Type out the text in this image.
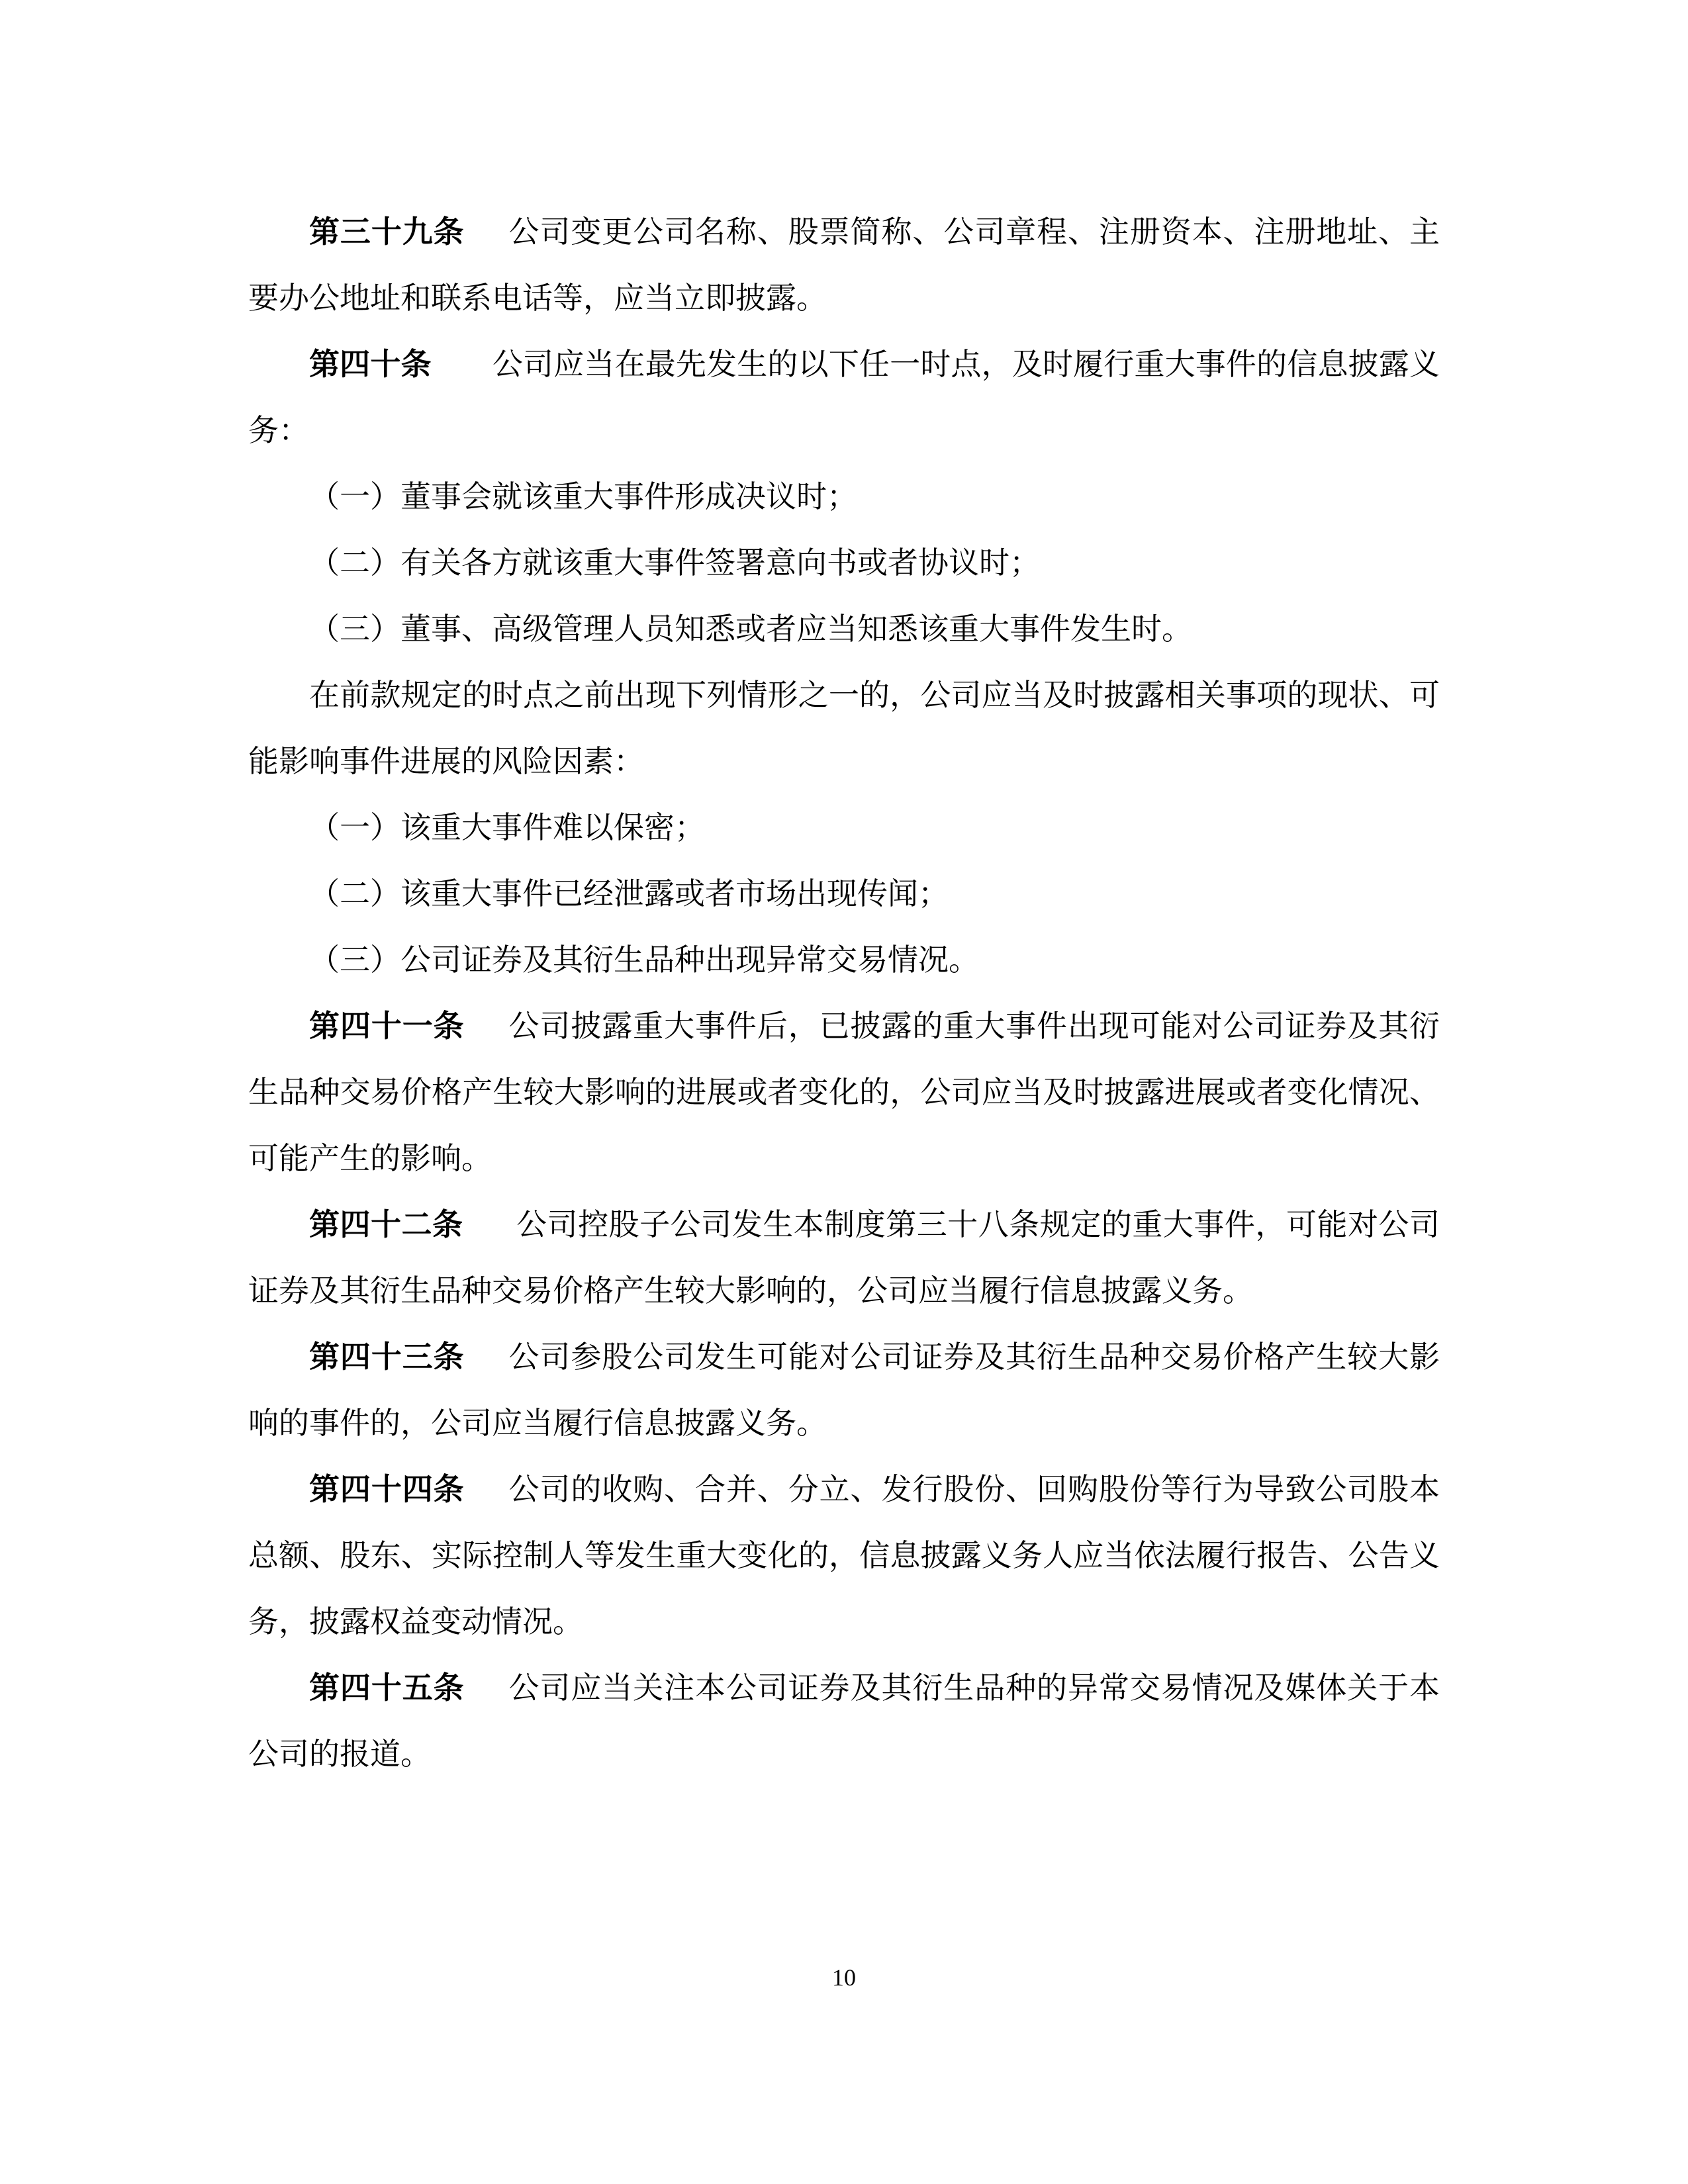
第三十九条 公司变更公司名称、股票简称、公司章程、注册资本、注册地址、主要办公地址和联系电话等，应当立即披露。

第四十条 公司应当在最先发生的以下任一时点，及时履行重大事件的信息披露义务：

（一）董事会就该重大事件形成决议时；

（二）有关各方就该重大事件签署意向书或者协议时；

（三）董事、高级管理人员知悉或者应当知悉该重大事件发生时。

在前款规定的时点之前出现下列情形之一的，公司应当及时披露相关事项的现状、可能影响事件进展的风险因素：

（一）该重大事件难以保密；

（二）该重大事件已经泄露或者市场出现传闻；

（三）公司证券及其衍生品种出现异常交易情况。

第四十一条 公司披露重大事件后，已披露的重大事件出现可能对公司证券及其衍生品种交易价格产生较大影响的进展或者变化的，公司应当及时披露进展或者变化情况、可能产生的影响。

第四十二条 公司控股子公司发生本制度第三十八条规定的重大事件，可能对公司证券及其衍生品种交易价格产生较大影响的，公司应当履行信息披露义务。

第四十三条 公司参股公司发生可能对公司证券及其衍生品种交易价格产生较大影响的事件的，公司应当履行信息披露义务。

第四十四条 公司的收购、合并、分立、发行股份、回购股份等行为导致公司股本总额、股东、实际控制人等发生重大变化的，信息披露义务人应当依法履行报告、公告义务，披露权益变动情况。

第四十五条 公司应当关注本公司证券及其衍生品种的异常交易情况及媒体关于本公司的报道。

10
